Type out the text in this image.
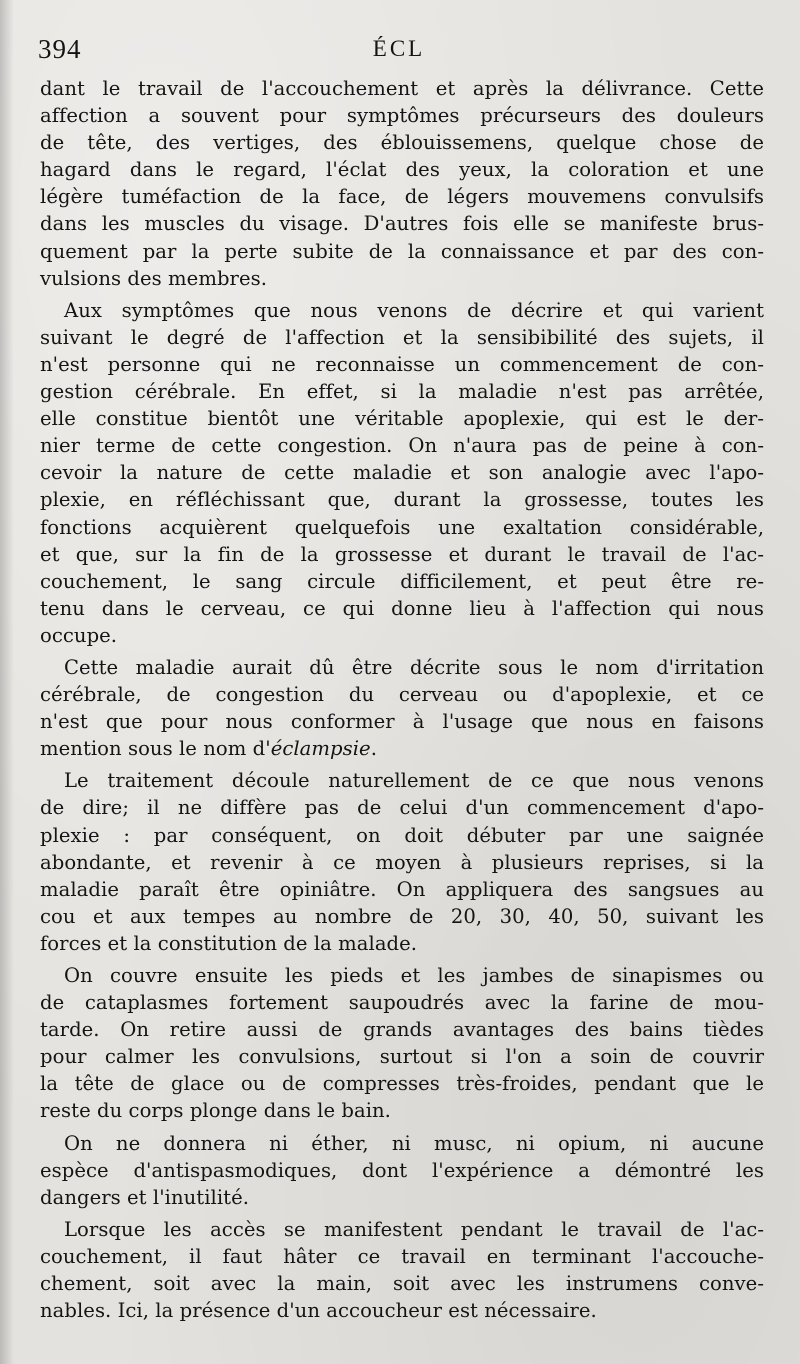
394	ÉCL

dant le travail de l'accouchement et après la délivrance. Cette
affection a souvent pour symptômes précurseurs des douleurs
de tête, des vertiges, des éblouissemens, quelque chose de
hagard dans le regard, l'éclat des yeux, la coloration et une
légère tuméfaction de la face, de légers mouvemens convulsifs
dans les muscles du visage. D'autres fois elle se manifeste brus-
quement par la perte subite de la connaissance et par des con-
vulsions des membres.

Aux symptômes que nous venons de décrire et qui varient
suivant le degré de l'affection et la sensibibilité des sujets, il
n'est personne qui ne reconnaisse un commencement de con-
gestion cérébrale. En effet, si la maladie n'est pas arrêtée,
elle constitue bientôt une véritable apoplexie, qui est le der-
nier terme de cette congestion. On n'aura pas de peine à con-
cevoir la nature de cette maladie et son analogie avec l'apo-
plexie, en réfléchissant que, durant la grossesse, toutes les
fonctions acquièrent quelquefois une exaltation considérable,
et que, sur la fin de la grossesse et durant le travail de l'ac-
couchement, le sang circule difficilement, et peut être re-
tenu dans le cerveau, ce qui donne lieu à l'affection qui nous
occupe.

Cette maladie aurait dû être décrite sous le nom d'irritation
cérébrale, de congestion du cerveau ou d'apoplexie, et ce
n'est que pour nous conformer à l'usage que nous en faisons
mention sous le nom d'éclampsie.

Le traitement découle naturellement de ce que nous venons
de dire; il ne diffère pas de celui d'un commencement d'apo-
plexie : par conséquent, on doit débuter par une saignée
abondante, et revenir à ce moyen à plusieurs reprises, si la
maladie paraît être opiniâtre. On appliquera des sangsues au
cou et aux tempes au nombre de 20, 30, 40, 50, suivant les
forces et la constitution de la malade.

On couvre ensuite les pieds et les jambes de sinapismes ou
de cataplasmes fortement saupoudrés avec la farine de mou-
tarde. On retire aussi de grands avantages des bains tièdes
pour calmer les convulsions, surtout si l'on a soin de couvrir
la tête de glace ou de compresses très-froides, pendant que le
reste du corps plonge dans le bain.

On ne donnera ni éther, ni musc, ni opium, ni aucune
espèce d'antispasmodiques, dont l'expérience a démontré les
dangers et l'inutilité.

Lorsque les accès se manifestent pendant le travail de l'ac-
couchement, il faut hâter ce travail en terminant l'accouche-
chement, soit avec la main, soit avec les instrumens conve-
nables. Ici, la présence d'un accoucheur est nécessaire.
